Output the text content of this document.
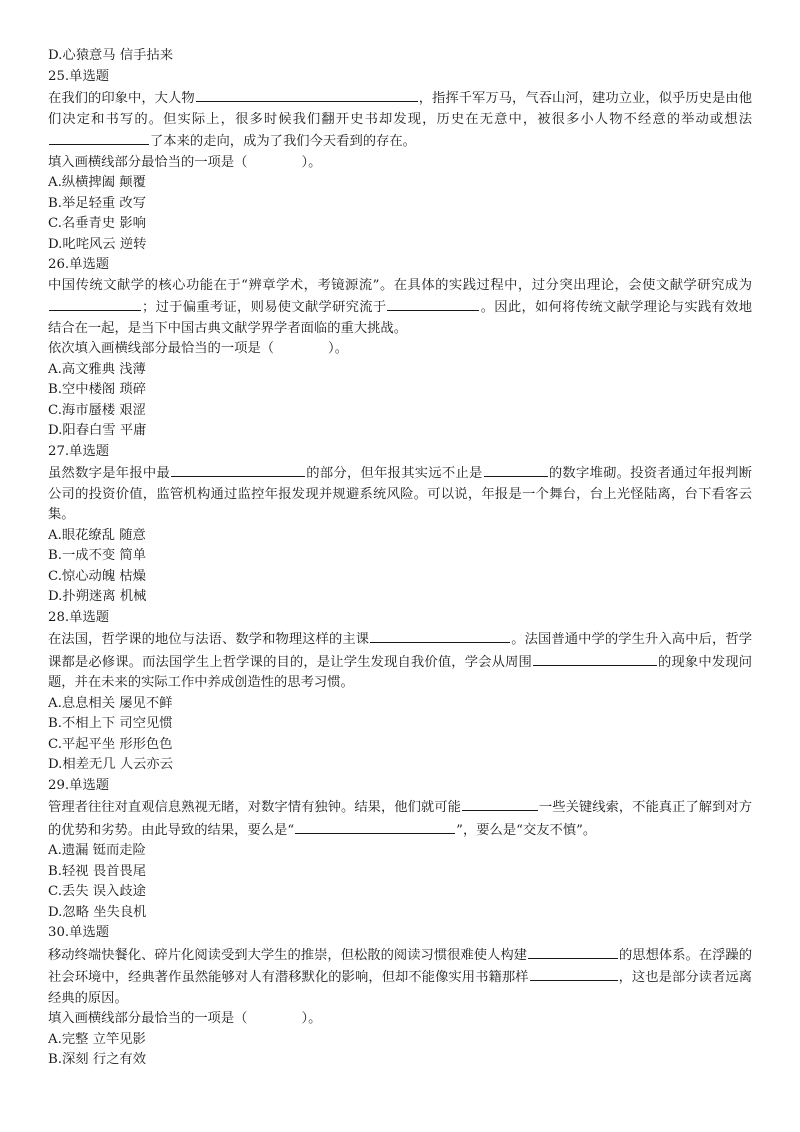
D.心猿意马 信手拈来
25.单选题
在我们的印象中，大人物	，指挥千军万马，气吞山河，建功立业，似乎历史是由他们决定和书写的。但实际上，很多时候我们翻开史书却发现，历史在无意中，被很多小人物不经意的举动或想法了本来的走向，成为了我们今天看到的存在。
填入画横线部分最恰当的一项是（	）。
A.纵横捭阖 颠覆
B.举足轻重 改写
C.名垂青史 影响
D.叱咤风云 逆转
26.单选题
中国传统文献学的核心功能在于“辨章学术，考镜源流”。在具体的实践过程中，过分突出理论，会使文献学研究成为；过于偏重考证，则易使文献学研究流于	。因此，如何将传统文献学理论与实践有效地结合在一起，是当下中国古典文献学界学者面临的重大挑战。
依次填入画横线部分最恰当的一项是（	）。
A.高文雅典 浅薄
B.空中楼阁 琐碎
C.海市蜃楼 艰涩
D.阳春白雪 平庸
27.单选题
虽然数字是年报中最	的部分，但年报其实远不止是	的数字堆砌。投资者通过年报判断公司的投资价值，监管机构通过监控年报发现并规避系统风险。可以说，年报是一个舞台，台上光怪陆离，台下看客云集。
A.眼花缭乱 随意
B.一成不变 简单
C.惊心动魄 枯燥
D.扑朔迷离 机械
28.单选题
在法国，哲学课的地位与法语、数学和物理这样的主课	。法国普通中学的学生升入高中后，哲学课都是必修课。而法国学生上哲学课的目的，是让学生发现自我价值，学会从周围	的现象中发现问题，并在未来的实际工作中养成创造性的思考习惯。
A.息息相关 屡见不鲜
B.不相上下 司空见惯
C.平起平坐 形形色色
D.相差无几 人云亦云
29.单选题
管理者往往对直观信息熟视无睹，对数字情有独钟。结果，他们就可能	一些关键线索，不能真正了解到对方的优势和劣势。由此导致的结果，要么是“	”，要么是“交友不慎”。
A.遗漏 铤而走险
B.轻视 畏首畏尾
C.丢失 误入歧途
D.忽略 坐失良机
30.单选题
移动终端快餐化、碎片化阅读受到大学生的推崇，但松散的阅读习惯很难使人构建	的思想体系。在浮躁的社会环境中，经典著作虽然能够对人有潜移默化的影响，但却不能像实用书籍那样	，这也是部分读者远离经典的原因。
填入画横线部分最恰当的一项是（	）。
A.完整 立竿见影
B.深刻 行之有效
